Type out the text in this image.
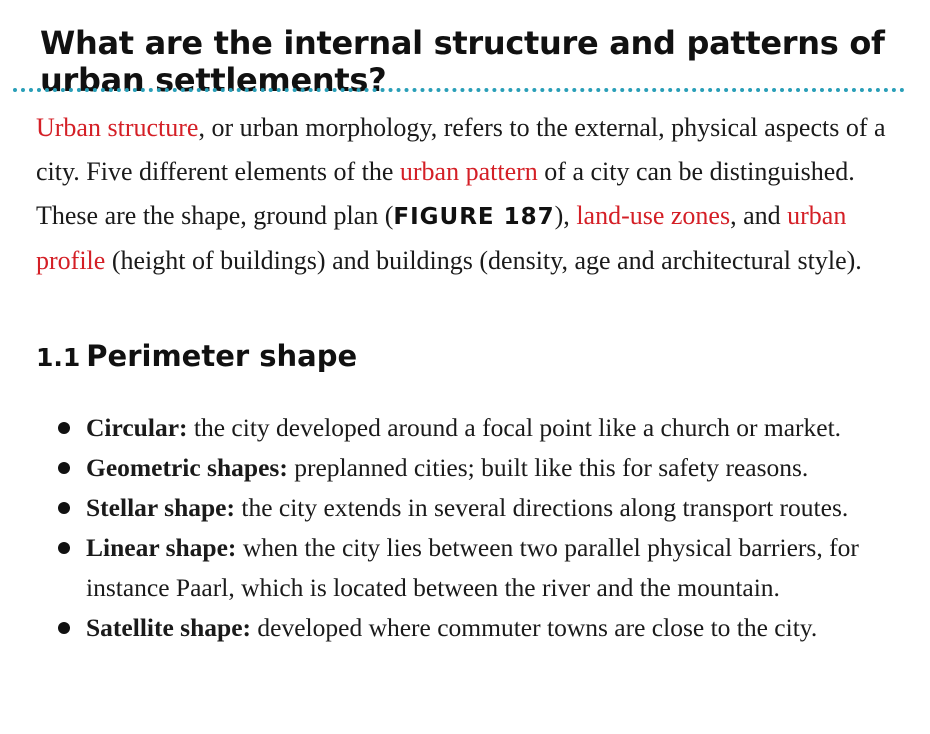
What are the internal structure and patterns of urban settlements?

Urban structure, or urban morphology, refers to the external, physical aspects of a city. Five different elements of the urban pattern of a city can be distinguished. These are the shape, ground plan (FIGURE 187), land-use zones, and urban profile (height of buildings) and buildings (density, age and architectural style).

1.1 Perimeter shape
Circular: the city developed around a focal point like a church or market.
Geometric shapes: preplanned cities; built like this for safety reasons.
Stellar shape: the city extends in several directions along transport routes.
Linear shape: when the city lies between two parallel physical barriers, for instance Paarl, which is located between the river and the mountain.
Satellite shape: developed where commuter towns are close to the city.
